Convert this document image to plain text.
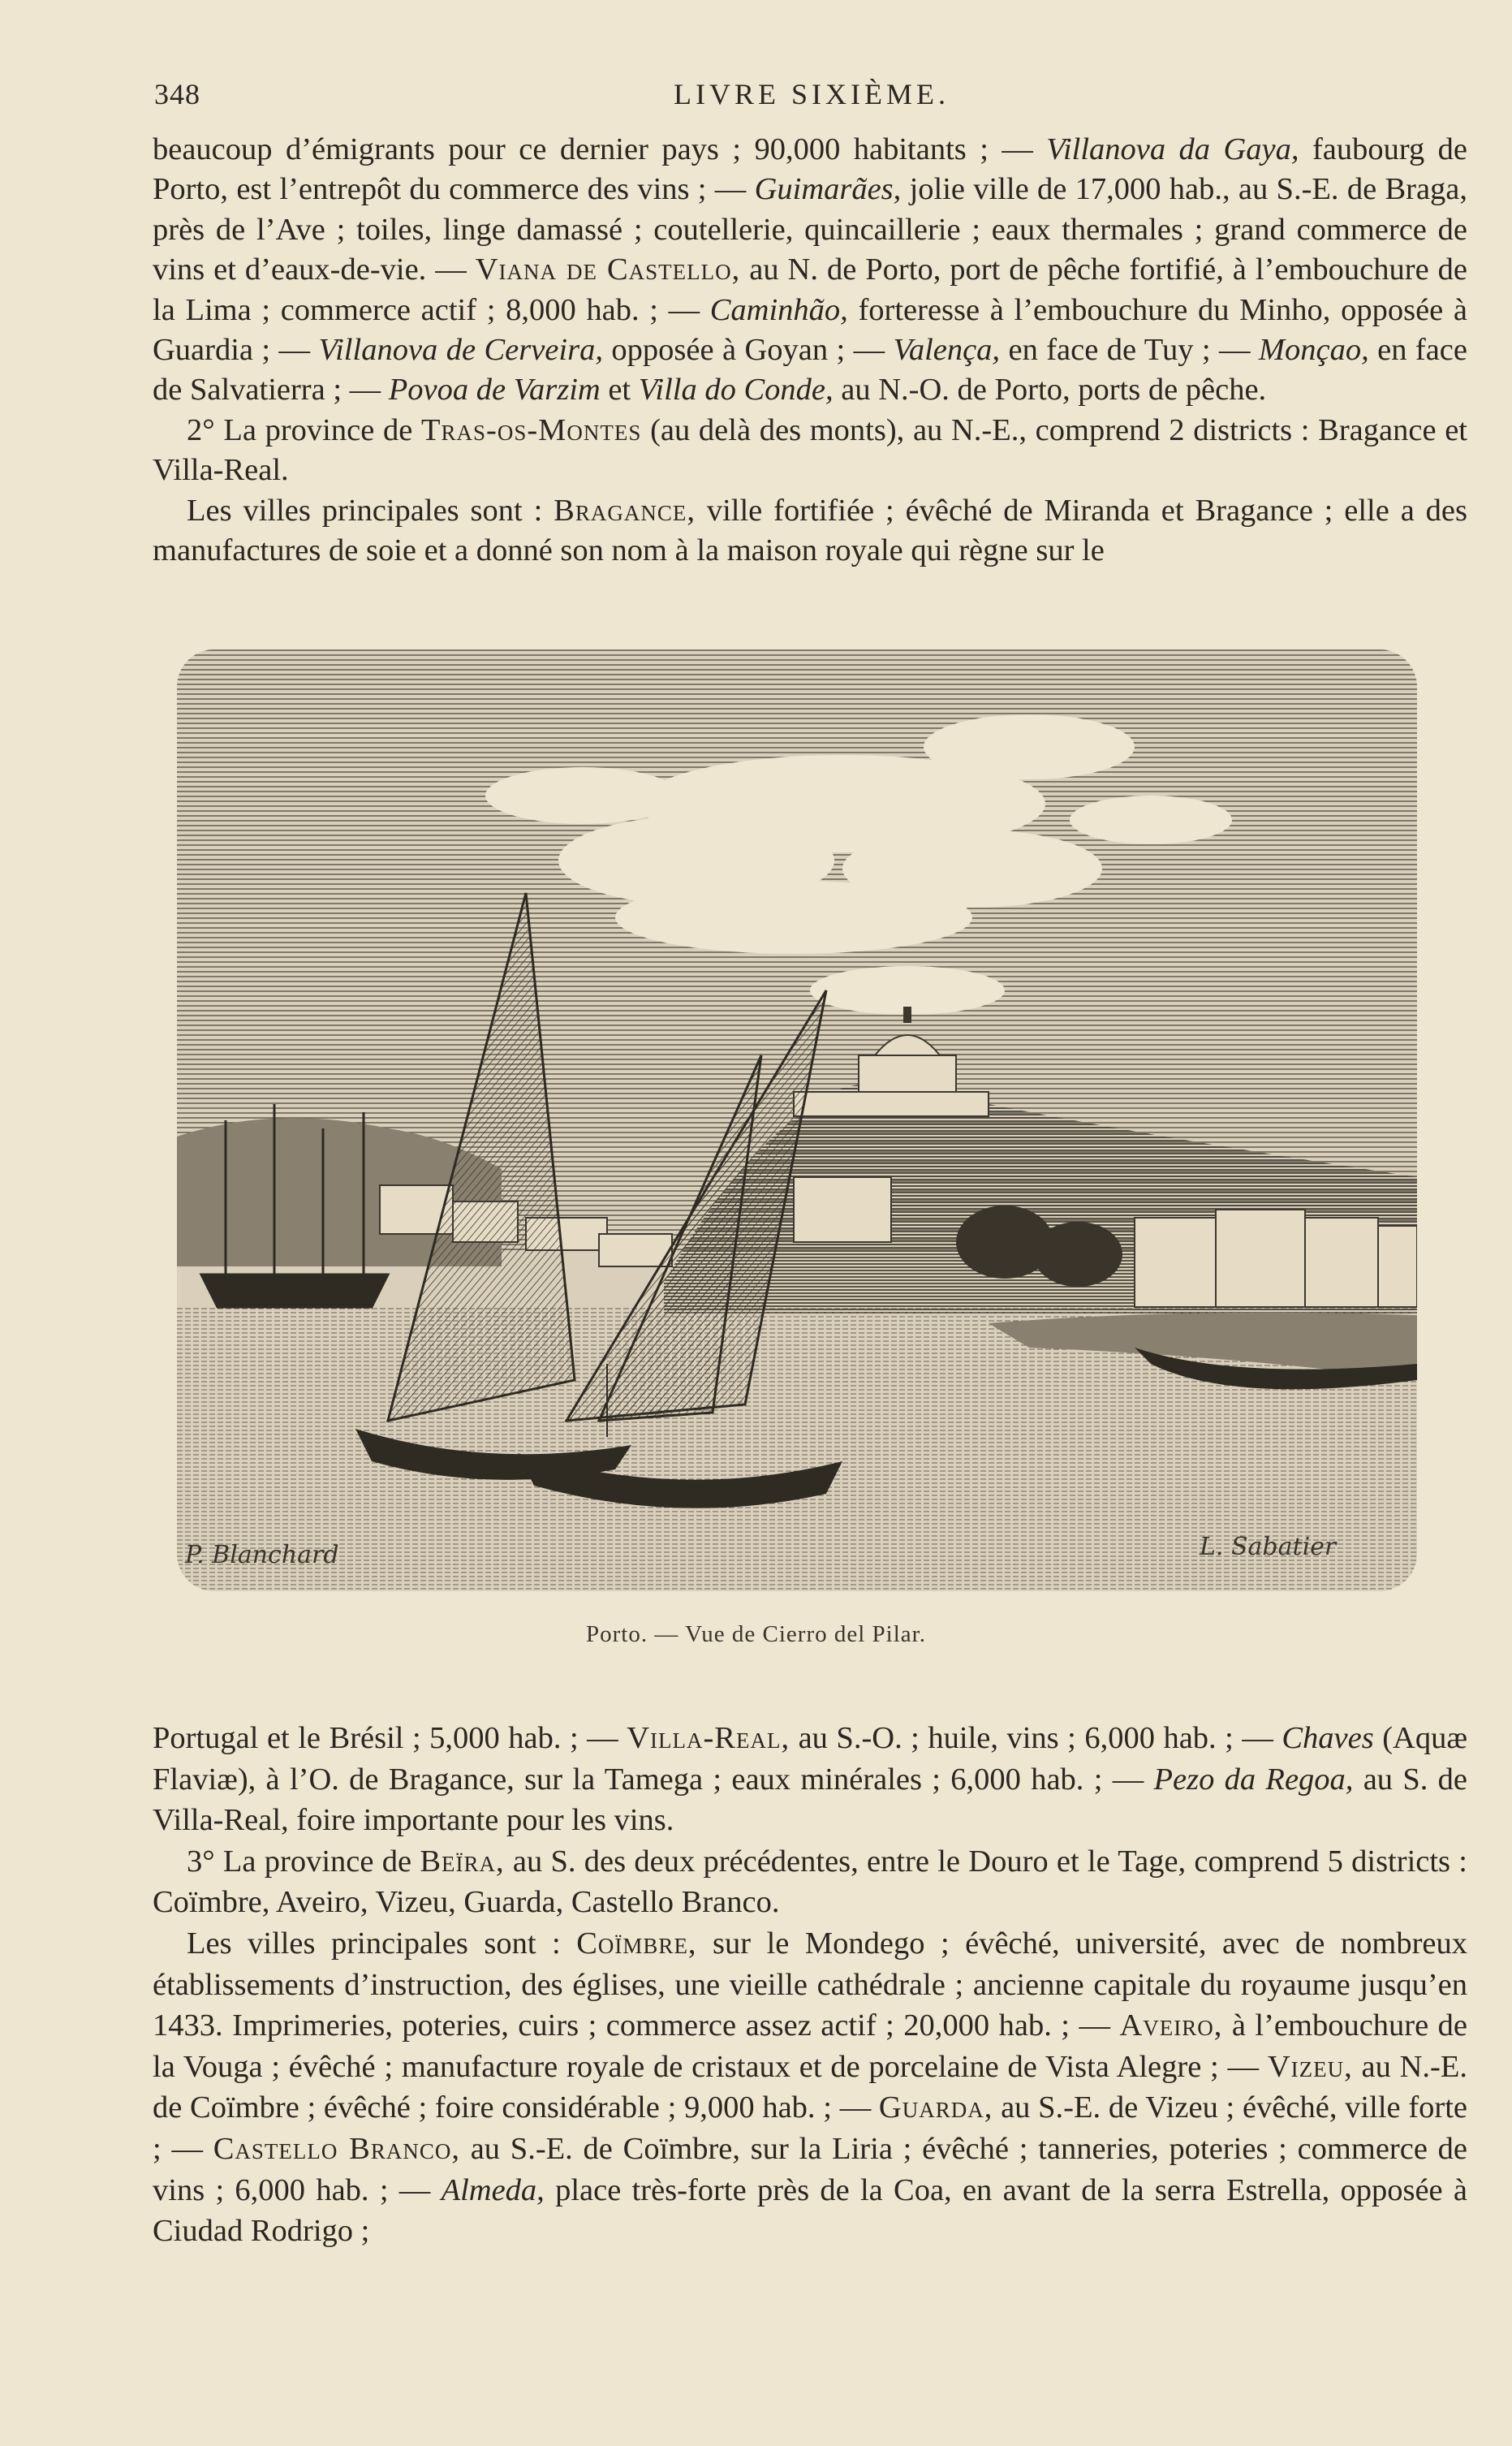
348	LIVRE SIXIÈME.

beaucoup d’émigrants pour ce dernier pays ; 90,000 habitants ; — Villanova da Gaya, faubourg de Porto, est l’entrepôt du commerce des vins ; — Guimarães, jolie ville de 17,000 hab., au S.-E. de Braga, près de l’Ave ; toiles, linge damassé ; coutellerie, quincaillerie ; eaux thermales ; grand commerce de vins et d’eaux-de-vie. — Viana de Castello, au N. de Porto, port de pêche fortifié, à l’embouchure de la Lima ; commerce actif ; 8,000 hab. ; — Caminhão, forteresse à l’embouchure du Minho, opposée à Guardia ; — Villanova de Cerveira, opposée à Goyan ; — Valença, en face de Tuy ; — Monçao, en face de Salvatierra ; — Povoa de Varzim et Villa do Conde, au N.-O. de Porto, ports de pêche.

2° La province de Tras-os-Montes (au delà des monts), au N.-E., comprend 2 districts : Bragance et Villa-Real.

Les villes principales sont : Bragance, ville fortifiée ; évêché de Miranda et Bragance ; elle a des manufactures de soie et a donné son nom à la maison royale qui règne sur le

P. Blanchard	L. Sabatier
Porto. — Vue de Cierro del Pilar.

Portugal et le Brésil ; 5,000 hab. ; — Villa-Real, au S.-O. ; huile, vins ; 6,000 hab. ; — Chaves (Aquæ Flaviæ), à l’O. de Bragance, sur la Tamega ; eaux minérales ; 6,000 hab. ; — Pezo da Regoa, au S. de Villa-Real, foire importante pour les vins.

3° La province de Beïra, au S. des deux précédentes, entre le Douro et le Tage, comprend 5 districts : Coïmbre, Aveiro, Vizeu, Guarda, Castello Branco.

Les villes principales sont : Coïmbre, sur le Mondego ; évêché, université, avec de nombreux établissements d’instruction, des églises, une vieille cathédrale ; ancienne capitale du royaume jusqu’en 1433. Imprimeries, poteries, cuirs ; commerce assez actif ; 20,000 hab. ; — Aveiro, à l’embouchure de la Vouga ; évêché ; manufacture royale de cristaux et de porcelaine de Vista Alegre ; — Vizeu, au N.-E. de Coïmbre ; évêché ; foire considérable ; 9,000 hab. ; — Guarda, au S.-E. de Vizeu ; évêché, ville forte ; — Castello Branco, au S.-E. de Coïmbre, sur la Liria ; évêché ; tanneries, poteries ; commerce de vins ; 6,000 hab. ; — Almeda, place très-forte près de la Coa, en avant de la serra Estrella, opposée à Ciudad Rodrigo ;
